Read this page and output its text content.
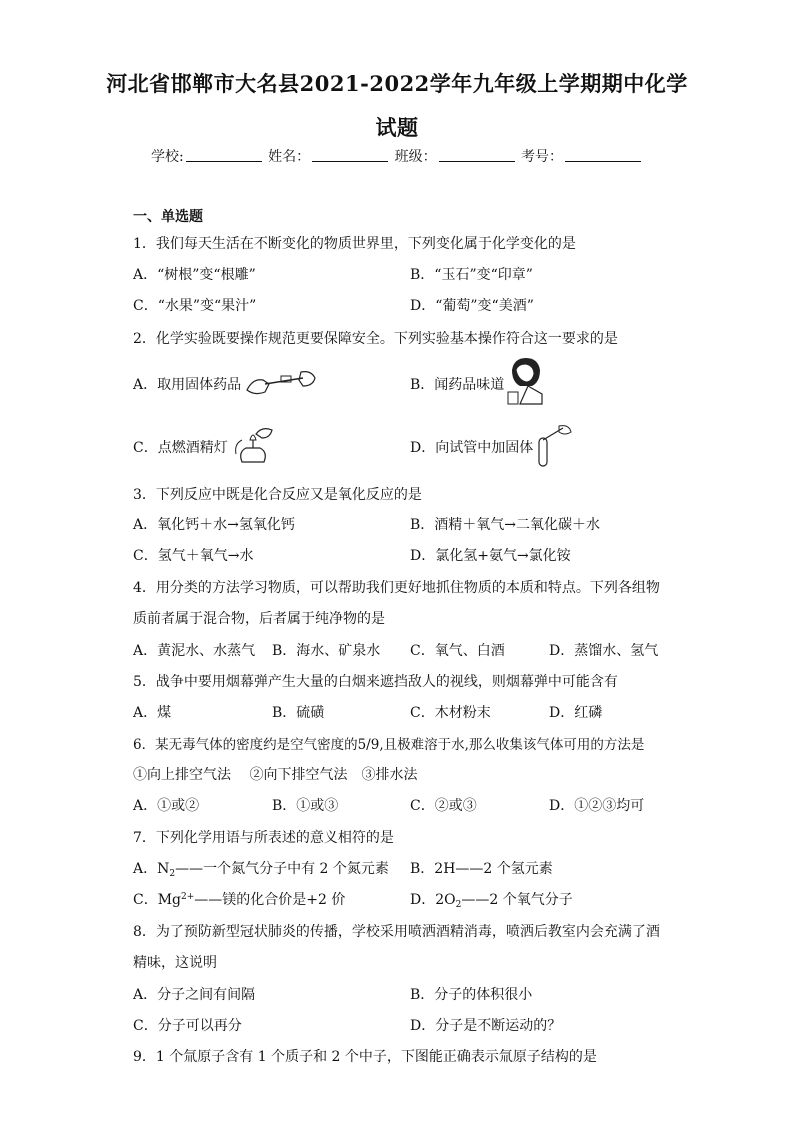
河北省邯郸市大名县2021-2022学年九年级上学期期中化学
试题
学校:	姓名：	班级：	考号：
一、单选题
1．我们每天生活在不断变化的物质世界里，下列变化属于化学变化的是
A．“树根”变“根雕”	B．“玉石”变“印章”
C．“水果”变“果汁”	D．“葡萄”变“美酒”
2．化学实验既要操作规范更要保障安全。下列实验基本操作符合这一要求的是
A．取用固体药品	B．闻药品味道
C．点燃酒精灯	D．向试管中加固体
3．下列反应中既是化合反应又是氧化反应的是
A．氧化钙＋水→氢氧化钙	B．酒精＋氧气→二氧化碳＋水
C．氢气＋氧气→水	D．氯化氢+氨气→氯化铵
4．用分类的方法学习物质，可以帮助我们更好地抓住物质的本质和特点。下列各组物
质前者属于混合物，后者属于纯净物的是
A．黄泥水、水蒸气 B．海水、矿泉水 C．氧气、白酒	D．蒸馏水、氢气
5．战争中要用烟幕弹产生大量的白烟来遮挡敌人的视线，则烟幕弹中可能含有
A．煤	B．硫磺	C．木材粉末	D．红磷
6．某无毒气体的密度约是空气密度的5/9,且极难溶于水,那么收集该气体可用的方法是
①向上排空气法　 ②向下排空气法　③排水法
A．①或②	B．①或③	C．②或③	D．①②③均可
7．下列化学用语与所表述的意义相符的是
A．$N_2——$一个氮气分子中有 2 个氮元素 B．2H——2 个氢元素
C．$Mg^{2+}——$镁的化合价是+2 价	D．$2O_2——2$ 个氧气分子
8．为了预防新型冠状肺炎的传播，学校采用喷洒酒精消毒，喷洒后教室内会充满了酒
精味，这说明
A．分子之间有间隔	B．分子的体积很小
C．分子可以再分	D．分子是不断运动的？
9．1 个氚原子含有 1 个质子和 2 个中子，下图能正确表示氚原子结构的是
